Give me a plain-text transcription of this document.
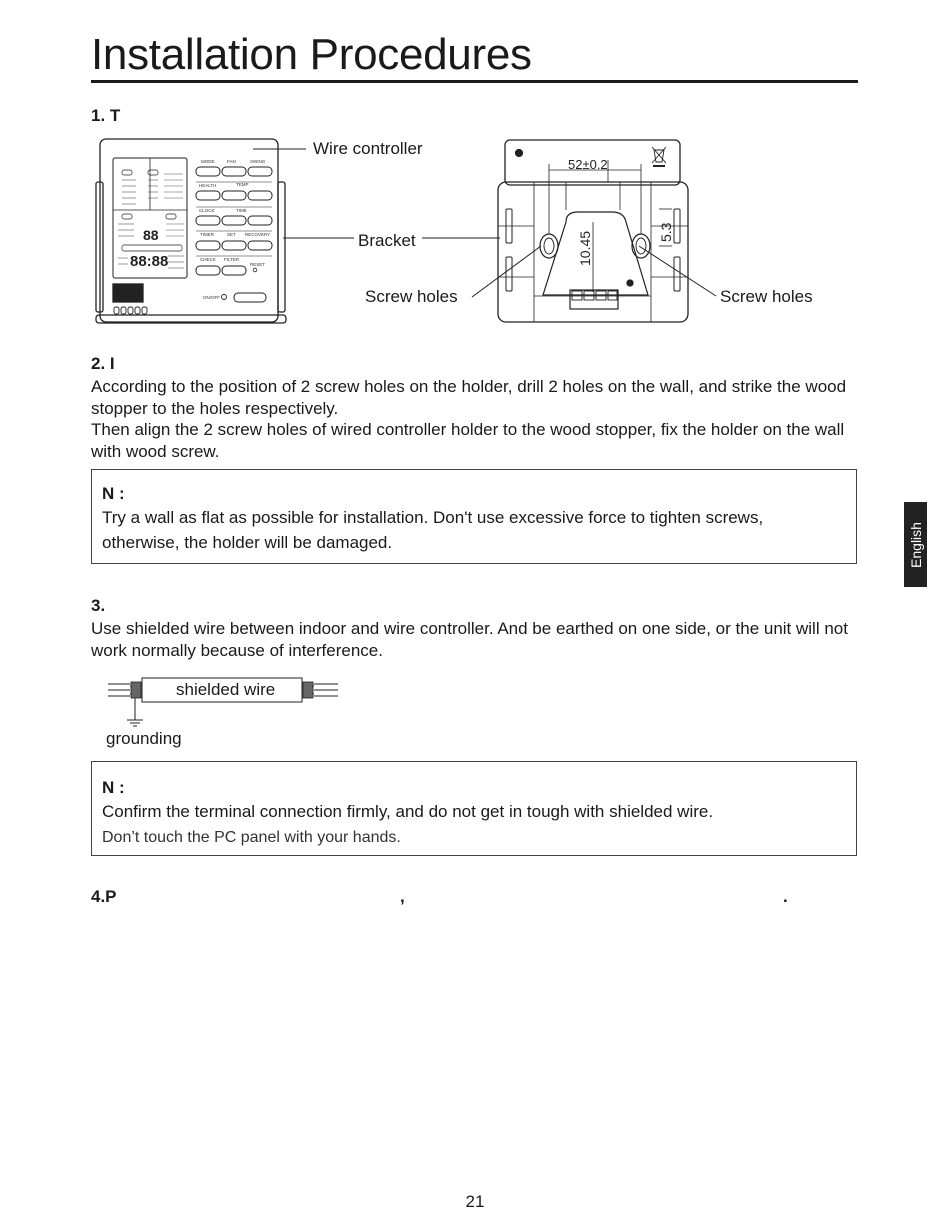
Installation Procedures
1. T
MODE	FAN	SWING
HEALTH	TEMP
CLOCK	TIME
TIMER	SET RECOVERY
CHECK FILTER
RESET
ON/OFF
88
88:88
52±0.2
10.45	5.3
Wire controller
Bracket
Screw holes	Screw holes
2. I
According to the position of 2 screw holes on the holder, drill 2 holes on the wall, and strike the wood stopper to the holes respectively.
Then align the 2 screw holes of wired controller holder to the wood stopper, fix the holder on the wall with wood screw.
N :
Try a wall as flat as possible for installation. Don't use excessive force to tighten screws, otherwise, the holder will be damaged.	English
3.
Use shielded wire between indoor and wire controller. And be earthed on one side, or the unit will not work normally because of interference.
shielded wire
grounding
N :
Confirm the terminal connection firmly, and do not get in tough with shielded wire.
Don’t touch the PC panel with your hands.
4.P	,	.
21
